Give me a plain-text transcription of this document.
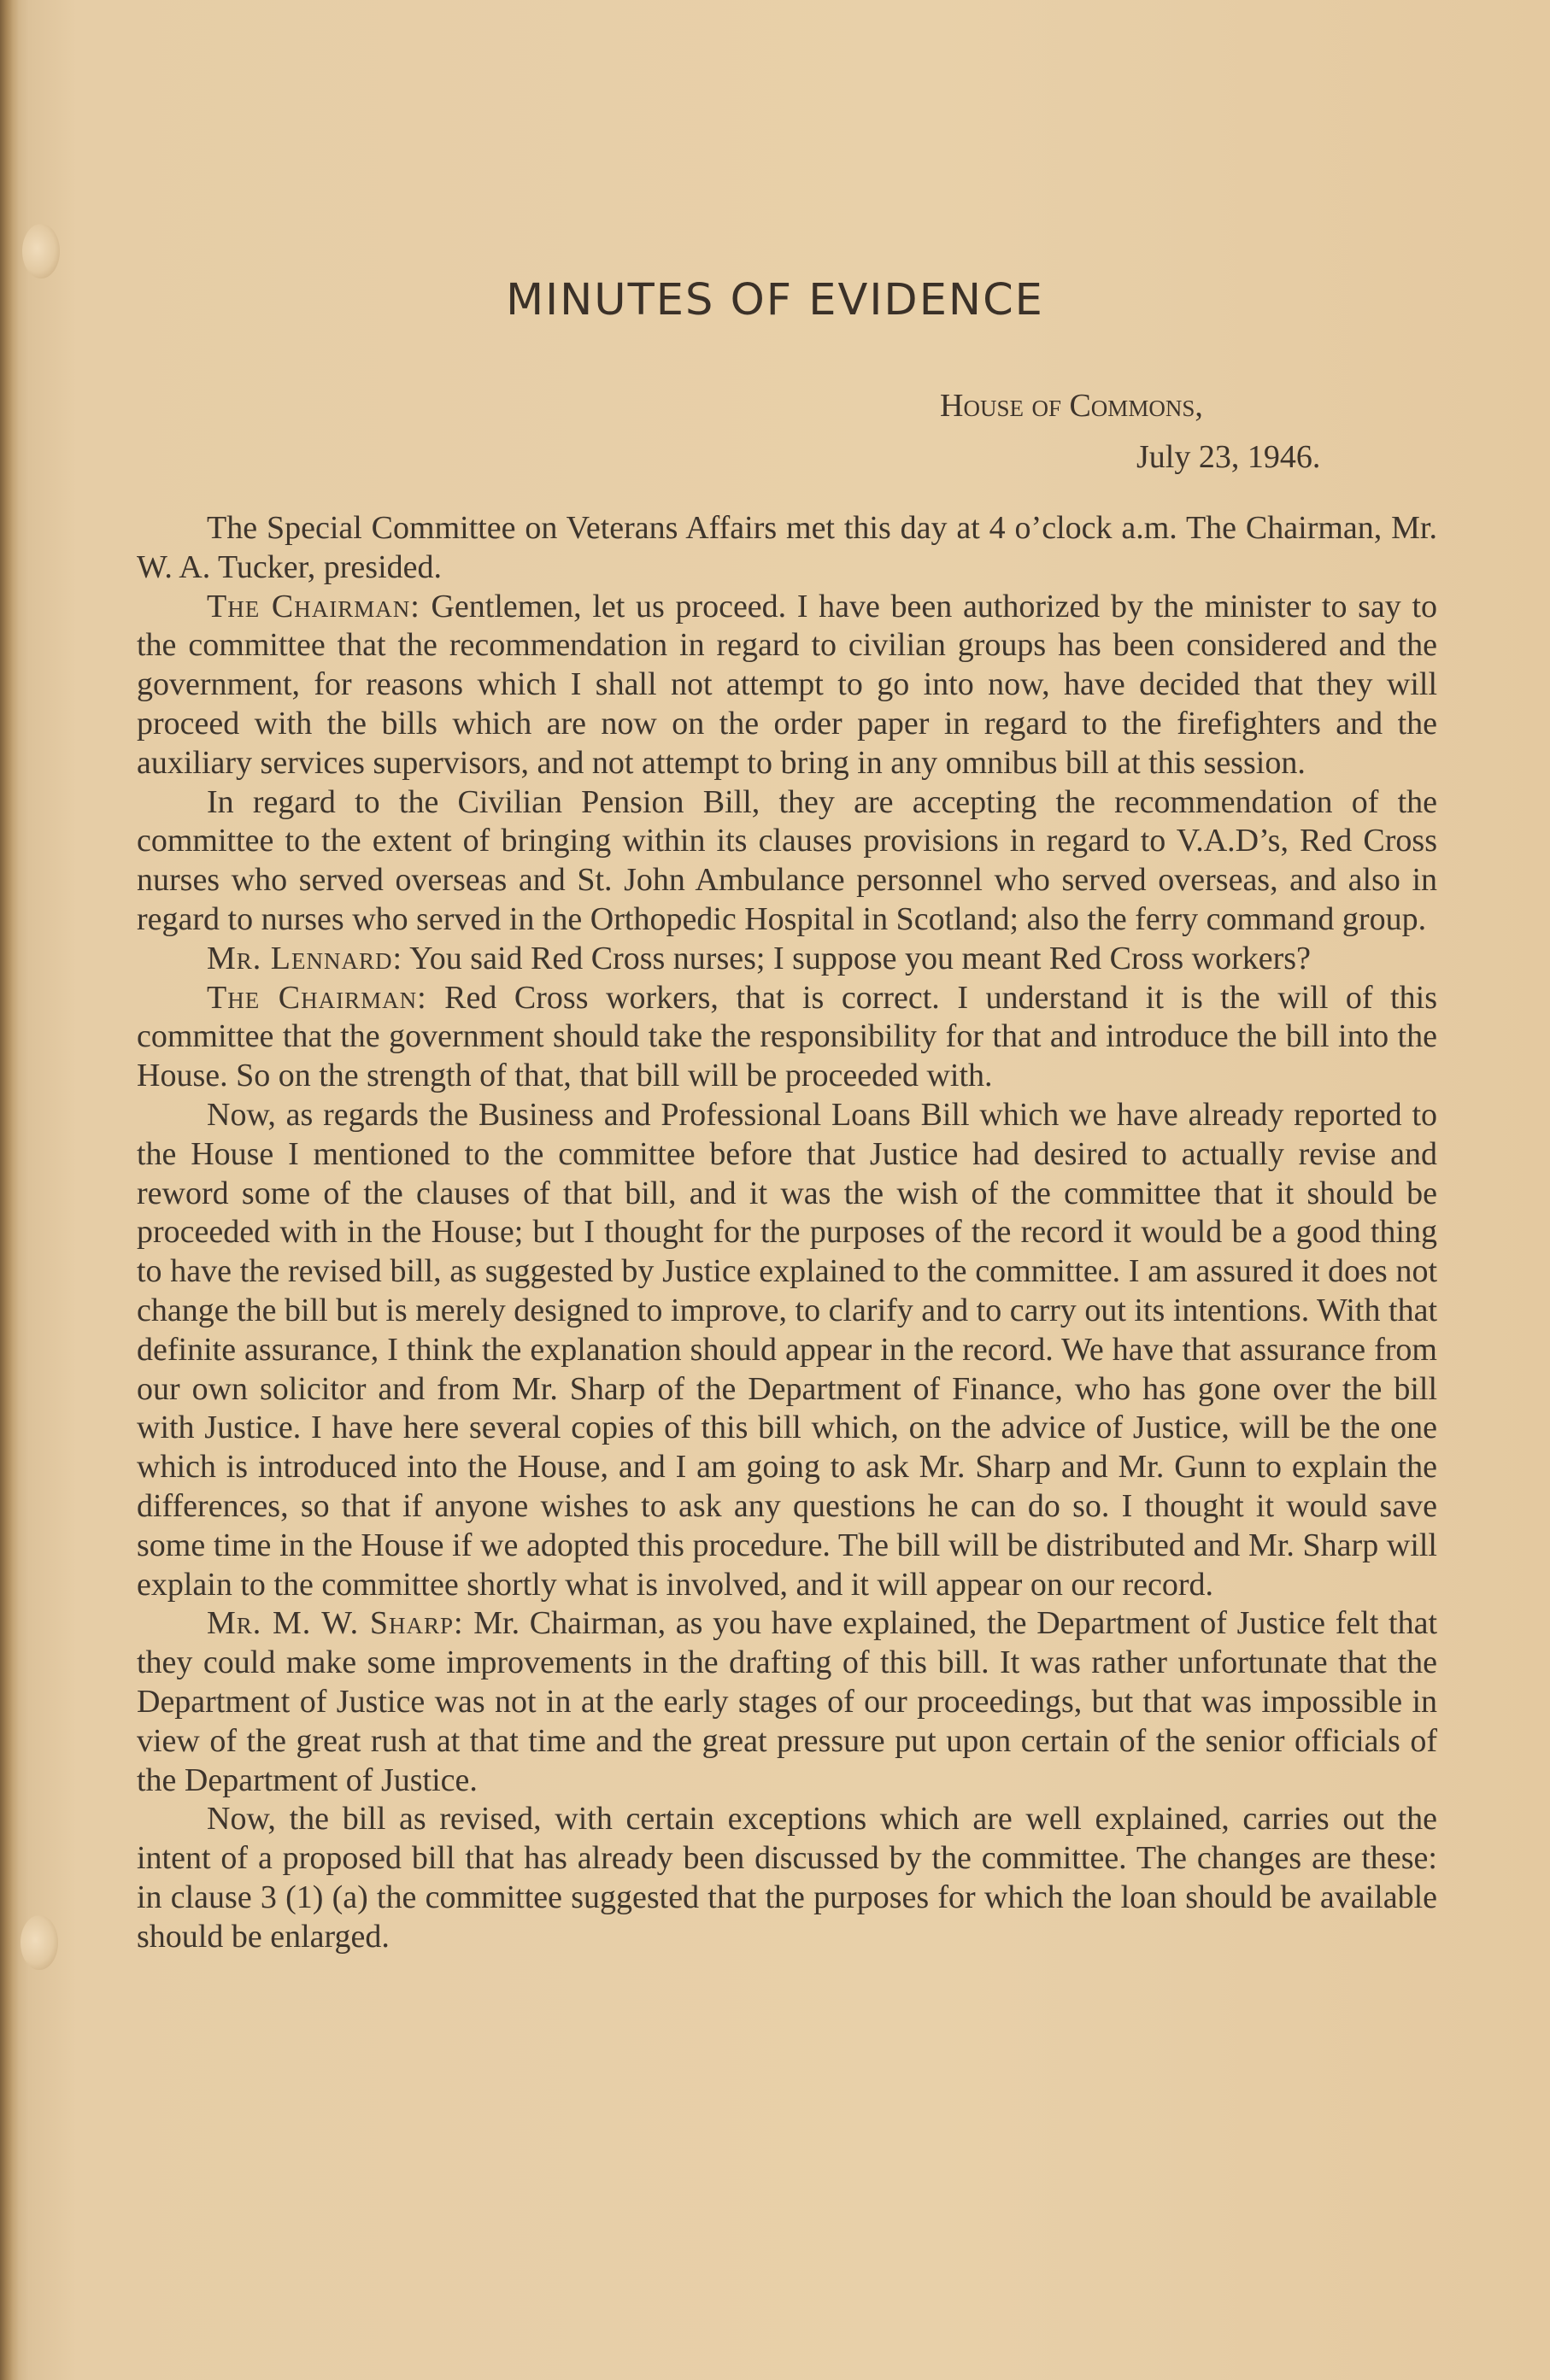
MINUTES OF EVIDENCE
House of Commons,
July 23, 1946.

The Special Committee on Veterans Affairs met this day at 4 o’clock a.m. The Chairman, Mr. W. A. Tucker, presided.

The Chairman: Gentlemen, let us proceed. I have been authorized by the minister to say to the committee that the recommendation in regard to civilian groups has been considered and the government, for reasons which I shall not attempt to go into now, have decided that they will proceed with the bills which are now on the order paper in regard to the firefighters and the auxiliary services supervisors, and not attempt to bring in any omnibus bill at this session.

In regard to the Civilian Pension Bill, they are accepting the recommendation of the committee to the extent of bringing within its clauses provisions in regard to V.A.D’s, Red Cross nurses who served overseas and St. John Ambulance personnel who served overseas, and also in regard to nurses who served in the Orthopedic Hospital in Scotland; also the ferry command group.

Mr. Lennard: You said Red Cross nurses; I suppose you meant Red Cross workers?

The Chairman: Red Cross workers, that is correct. I understand it is the will of this committee that the government should take the responsibility for that and introduce the bill into the House. So on the strength of that, that bill will be proceeded with.

Now, as regards the Business and Professional Loans Bill which we have already reported to the House I mentioned to the committee before that Justice had desired to actually revise and reword some of the clauses of that bill, and it was the wish of the committee that it should be proceeded with in the House; but I thought for the purposes of the record it would be a good thing to have the revised bill, as suggested by Justice explained to the committee. I am assured it does not change the bill but is merely designed to improve, to clarify and to carry out its intentions. With that definite assurance, I think the explanation should appear in the record. We have that assurance from our own solicitor and from Mr. Sharp of the Department of Finance, who has gone over the bill with Justice. I have here several copies of this bill which, on the advice of Justice, will be the one which is introduced into the House, and I am going to ask Mr. Sharp and Mr. Gunn to explain the differences, so that if anyone wishes to ask any questions he can do so. I thought it would save some time in the House if we adopted this procedure. The bill will be distributed and Mr. Sharp will explain to the committee shortly what is involved, and it will appear on our record.

Mr. M. W. Sharp: Mr. Chairman, as you have explained, the Department of Justice felt that they could make some improvements in the drafting of this bill. It was rather unfortunate that the Department of Justice was not in at the early stages of our proceedings, but that was impossible in view of the great rush at that time and the great pressure put upon certain of the senior officials of the Department of Justice.

Now, the bill as revised, with certain exceptions which are well explained, carries out the intent of a proposed bill that has already been discussed by the committee. The changes are these: in clause 3 (1) (a) the committee suggested that the purposes for which the loan should be available should be enlarged.
